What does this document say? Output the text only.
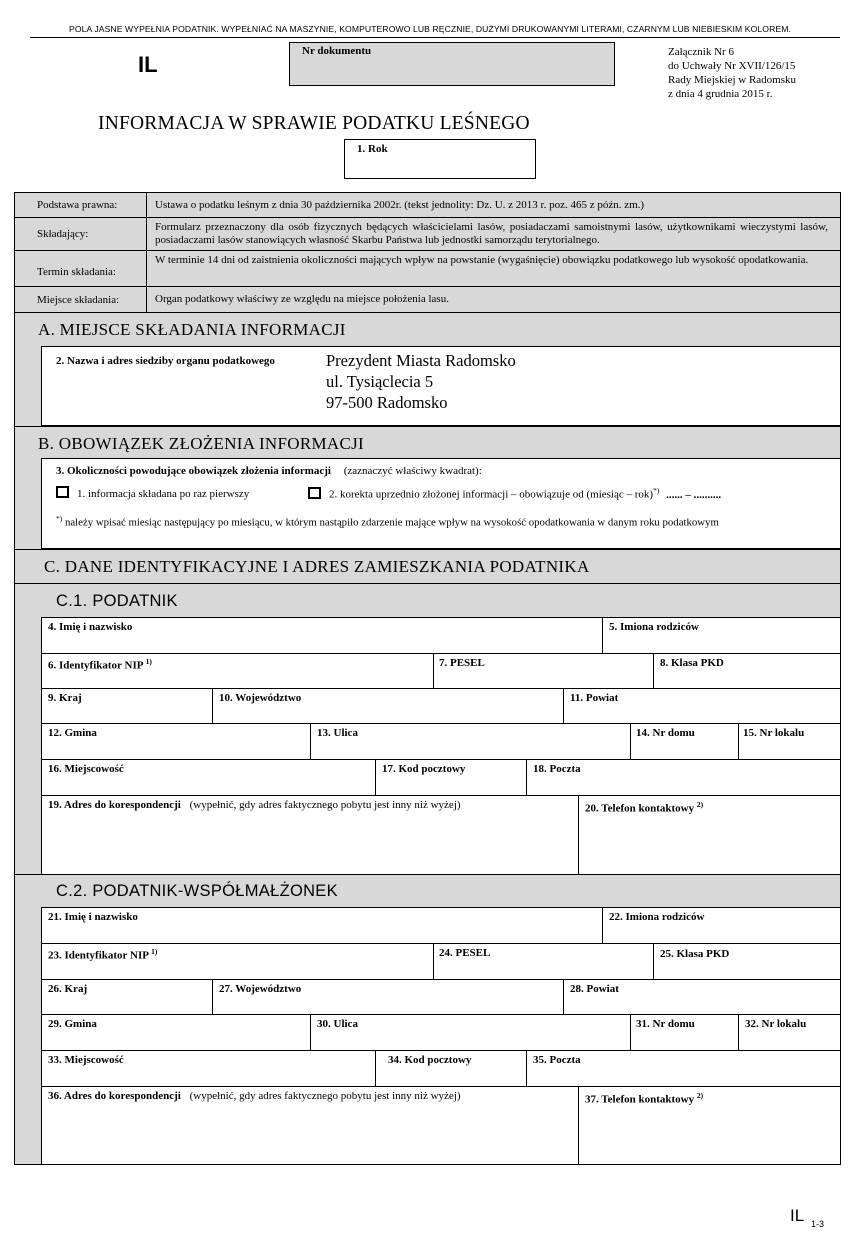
POLA JASNE WYPEŁNIA PODATNIK. WYPEŁNIAĆ NA MASZYNIE, KOMPUTEROWO LUB RĘCZNIE, DUŻYMI DRUKOWANYMI LITERAMI, CZARNYM LUB NIEBIESKIM KOLOREM.
IL
Nr dokumentu	Załącznik Nr 6
do Uchwały Nr XVII/126/15
Rady Miejskiej w Radomsku
z dnia 4 grudnia 2015 r.
INFORMACJA W SPRAWIE PODATKU LEŚNEGO
1. Rok
Podstawa prawna:	Ustawa o podatku leśnym z dnia 30 października 2002r. (tekst jednolity: Dz. U. z 2013 r. poz. 465 z późn. zm.)
Składający:
Formularz przeznaczony dla osób fizycznych będących właścicielami lasów, posiadaczami samoistnymi lasów, użytkownikami wieczystymi lasów, posiadaczami lasów stanowiących własność Skarbu Państwa lub jednostki samorządu terytorialnego.
Termin składania:
W terminie 14 dni od zaistnienia okoliczności mających wpływ na powstanie (wygaśnięcie) obowiązku podatkowego lub wysokość opodatkowania.
Miejsce składania:	Organ podatkowy właściwy ze względu na miejsce położenia lasu.
A. MIEJSCE SKŁADANIA INFORMACJI
2. Nazwa i adres siedziby organu podatkowego	Prezydent Miasta Radomsko
ul. Tysiąclecia 5
97-500 Radomsko
B. OBOWIĄZEK ZŁOŻENIA INFORMACJI
3. Okoliczności powodujące obowiązek złożenia informacji (zaznaczyć właściwy kwadrat):
1. informacja składana po raz pierwszy	2. korekta uprzednio złożonej informacji – obowiązuje od (miesiąc – rok)*) ...... – ..........
*) należy wpisać miesiąc następujący po miesiącu, w którym nastąpiło zdarzenie mające wpływ na wysokość opodatkowania w danym roku podatkowym
C. DANE IDENTYFIKACYJNE I ADRES ZAMIESZKANIA PODATNIKA
C.1. PODATNIK
4. Imię i nazwisko	5. Imiona rodziców
6. Identyfikator NIP $^{1)}$	7. PESEL	8. Klasa PKD
9. Kraj	10. Województwo	11. Powiat
12. Gmina	13. Ulica	14. Nr domu	15. Nr lokalu
16. Miejscowość	17. Kod pocztowy	18. Poczta
19. Adres do korespondencji (wypełnić, gdy adres faktycznego pobytu jest inny niż wyżej)	20. Telefon kontaktowy $^{2)}$
C.2. PODATNIK-WSPÓŁMAŁŻONEK
21. Imię i nazwisko	22. Imiona rodziców
23. Identyfikator NIP $^{1)}$	24. PESEL	25. Klasa PKD
26. Kraj	27. Województwo	28. Powiat
29. Gmina	30. Ulica	31. Nr domu	32. Nr lokalu
33. Miejscowość	34. Kod pocztowy	35. Poczta
36. Adres do korespondencji (wypełnić, gdy adres faktycznego pobytu jest inny niż wyżej)	37. Telefon kontaktowy $^{2)}$
IL 1-3
